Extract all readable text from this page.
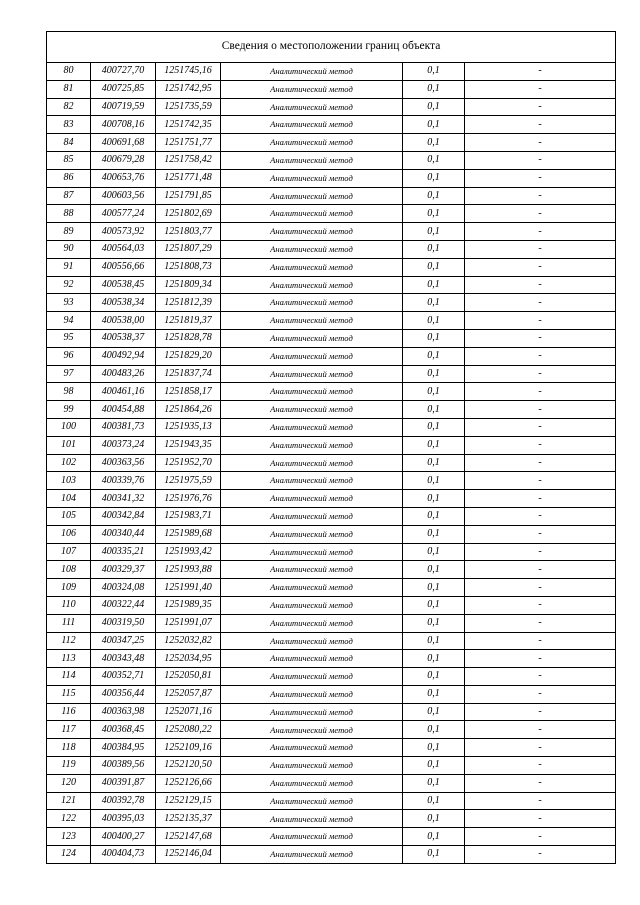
Сведения о местоположении границ объекта					
80	400727,70	1251745,16	Аналитический метод	0,1	-
81	400725,85	1251742,95	Аналитический метод	0,1	-
82	400719,59	1251735,59	Аналитический метод	0,1	-
83	400708,16	1251742,35	Аналитический метод	0,1	-
84	400691,68	1251751,77	Аналитический метод	0,1	-
85	400679,28	1251758,42	Аналитический метод	0,1	-
86	400653,76	1251771,48	Аналитический метод	0,1	-
87	400603,56	1251791,85	Аналитический метод	0,1	-
88	400577,24	1251802,69	Аналитический метод	0,1	-
89	400573,92	1251803,77	Аналитический метод	0,1	-
90	400564,03	1251807,29	Аналитический метод	0,1	-
91	400556,66	1251808,73	Аналитический метод	0,1	-
92	400538,45	1251809,34	Аналитический метод	0,1	-
93	400538,34	1251812,39	Аналитический метод	0,1	-
94	400538,00	1251819,37	Аналитический метод	0,1	-
95	400538,37	1251828,78	Аналитический метод	0,1	-
96	400492,94	1251829,20	Аналитический метод	0,1	-
97	400483,26	1251837,74	Аналитический метод	0,1	-
98	400461,16	1251858,17	Аналитический метод	0,1	-
99	400454,88	1251864,26	Аналитический метод	0,1	-
100	400381,73	1251935,13	Аналитический метод	0,1	-
101	400373,24	1251943,35	Аналитический метод	0,1	-
102	400363,56	1251952,70	Аналитический метод	0,1	-
103	400339,76	1251975,59	Аналитический метод	0,1	-
104	400341,32	1251976,76	Аналитический метод	0,1	-
105	400342,84	1251983,71	Аналитический метод	0,1	-
106	400340,44	1251989,68	Аналитический метод	0,1	-
107	400335,21	1251993,42	Аналитический метод	0,1	-
108	400329,37	1251993,88	Аналитический метод	0,1	-
109	400324,08	1251991,40	Аналитический метод	0,1	-
110	400322,44	1251989,35	Аналитический метод	0,1	-
111	400319,50	1251991,07	Аналитический метод	0,1	-
112	400347,25	1252032,82	Аналитический метод	0,1	-
113	400343,48	1252034,95	Аналитический метод	0,1	-
114	400352,71	1252050,81	Аналитический метод	0,1	-
115	400356,44	1252057,87	Аналитический метод	0,1	-
116	400363,98	1252071,16	Аналитический метод	0,1	-
117	400368,45	1252080,22	Аналитический метод	0,1	-
118	400384,95	1252109,16	Аналитический метод	0,1	-
119	400389,56	1252120,50	Аналитический метод	0,1	-
120	400391,87	1252126,66	Аналитический метод	0,1	-
121	400392,78	1252129,15	Аналитический метод	0,1	-
122	400395,03	1252135,37	Аналитический метод	0,1	-
123	400400,27	1252147,68	Аналитический метод	0,1	-
124	400404,73	1252146,04	Аналитический метод	0,1	-
